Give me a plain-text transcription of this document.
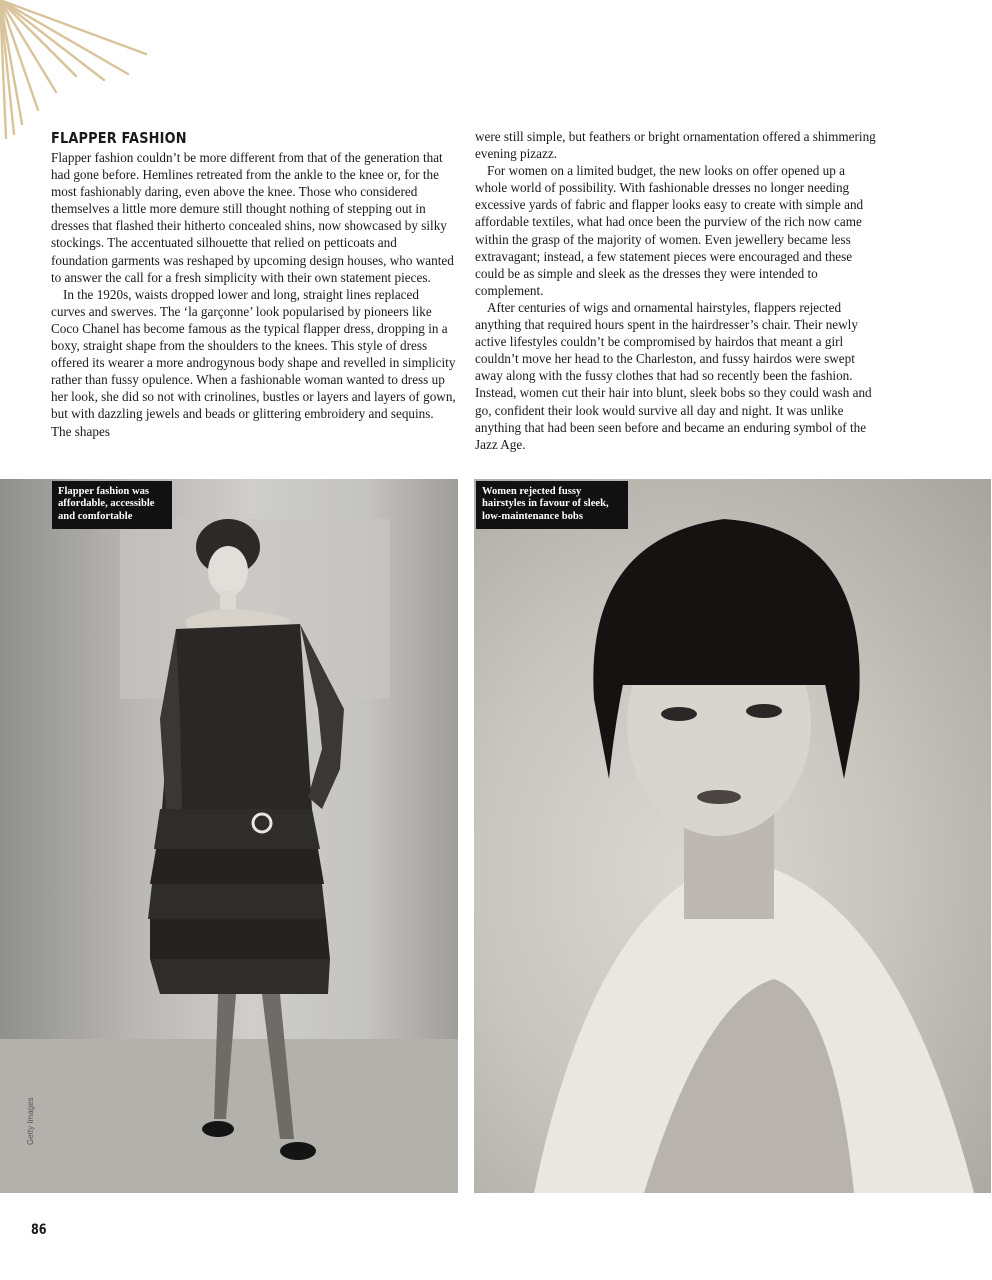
FLAPPER FASHION

Flapper fashion couldn’t be more different from that of the generation that had gone before. Hemlines retreated from the ankle to the knee or, for the most fashionably daring, even above the knee. Those who considered themselves a little more demure still thought nothing of stepping out in dresses that flashed their hitherto concealed shins, now showcased by silky stockings. The accentuated silhouette that relied on petticoats and foundation garments was reshaped by upcoming design houses, who wanted to answer the call for a fresh simplicity with their own statement pieces.

In the 1920s, waists dropped lower and long, straight lines replaced curves and swerves. The ‘la garçonne’ look popularised by pioneers like Coco Chanel has become famous as the typical flapper dress, dropping in a boxy, straight shape from the shoulders to the knees. This style of dress offered its wearer a more androgynous body shape and revelled in simplicity rather than fussy opulence. When a fashionable woman wanted to dress up her look, she did so not with crinolines, bustles or layers and layers of gown, but with dazzling jewels and beads or glittering embroidery and sequins. The shapes

were still simple, but feathers or bright ornamentation offered a shimmering evening pizazz.

For women on a limited budget, the new looks on offer opened up a whole world of possibility. With fashionable dresses no longer needing excessive yards of fabric and flapper looks easy to create with simple and affordable textiles, what had once been the purview of the rich now came within the grasp of the majority of women. Even jewellery became less extravagant; instead, a few statement pieces were encouraged and these could be as simple and sleek as the dresses they were intended to complement.

After centuries of wigs and ornamental hairstyles, flappers rejected anything that required hours spent in the hairdresser’s chair. Their newly active lifestyles couldn’t be compromised by hairdos that meant a girl couldn’t move her head to the Charleston, and fussy hairdos were swept away along with the fussy clothes that had so recently been the fashion. Instead, women cut their hair into blunt, sleek bobs so they could wash and go, confident their look would survive all day and night. It was unlike anything that had been seen before and became an enduring symbol of the Jazz Age.

Flapper fashion was affordable, accessible and comfortable
Women rejected fussy hairstyles in favour of sleek, low-maintenance bobs
Getty Images
86
